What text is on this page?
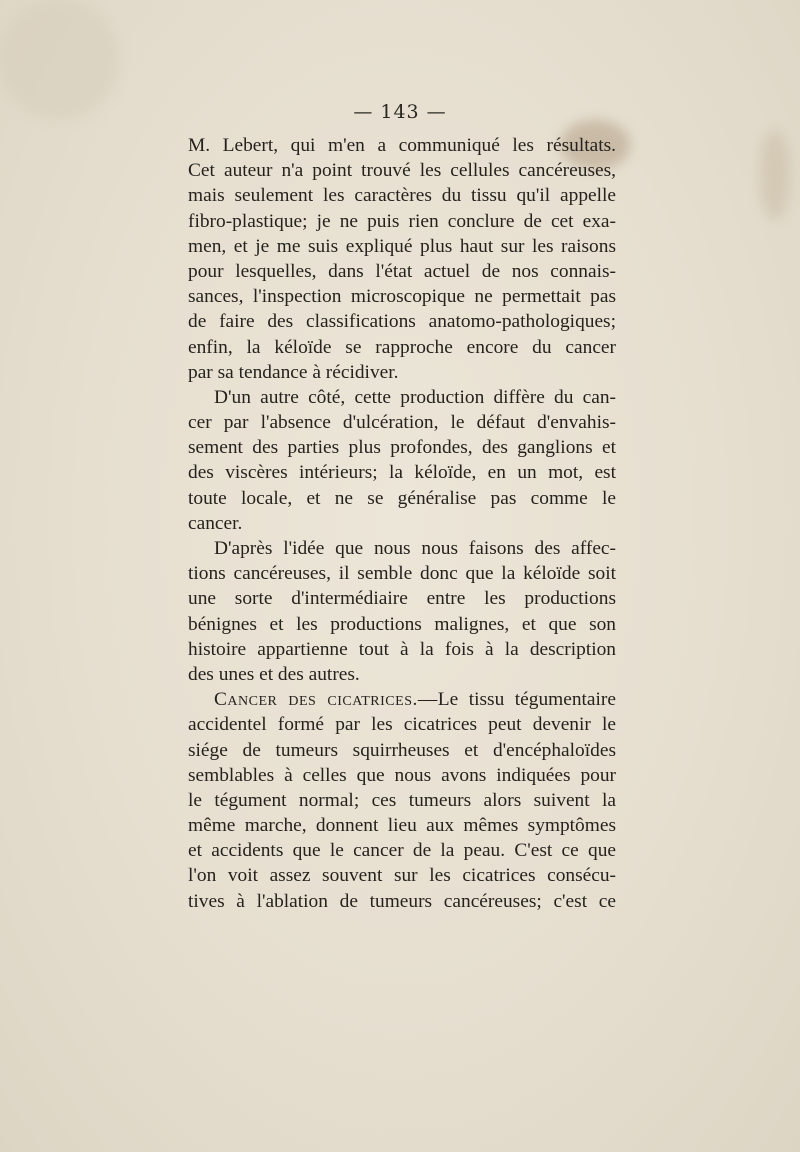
— 143 —
M. Lebert, qui m'en a communiqué les résultats.
Cet auteur n'a point trouvé les cellules cancéreuses,
mais seulement les caractères du tissu qu'il appelle
fibro-plastique; je ne puis rien conclure de cet exa-
men, et je me suis expliqué plus haut sur les raisons
pour lesquelles, dans l'état actuel de nos connais-
sances, l'inspection microscopique ne permettait pas
de faire des classifications anatomo-pathologiques;
enfin, la kéloïde se rapproche encore du cancer
par sa tendance à récidiver.
D'un autre côté, cette production diffère du can-
cer par l'absence d'ulcération, le défaut d'envahis-
sement des parties plus profondes, des ganglions et
des viscères intérieurs; la kéloïde, en un mot, est
toute locale, et ne se généralise pas comme le
cancer.
D'après l'idée que nous nous faisons des affec-
tions cancéreuses, il semble donc que la kéloïde soit
une sorte d'intermédiaire entre les productions
bénignes et les productions malignes, et que son
histoire appartienne tout à la fois à la description
des unes et des autres.
Cancer des cicatrices.—Le tissu tégumentaire
accidentel formé par les cicatrices peut devenir le
siége de tumeurs squirrheuses et d'encéphaloïdes
semblables à celles que nous avons indiquées pour
le tégument normal; ces tumeurs alors suivent la
même marche, donnent lieu aux mêmes symptômes
et accidents que le cancer de la peau. C'est ce que
l'on voit assez souvent sur les cicatrices consécu-
tives à l'ablation de tumeurs cancéreuses; c'est ce
